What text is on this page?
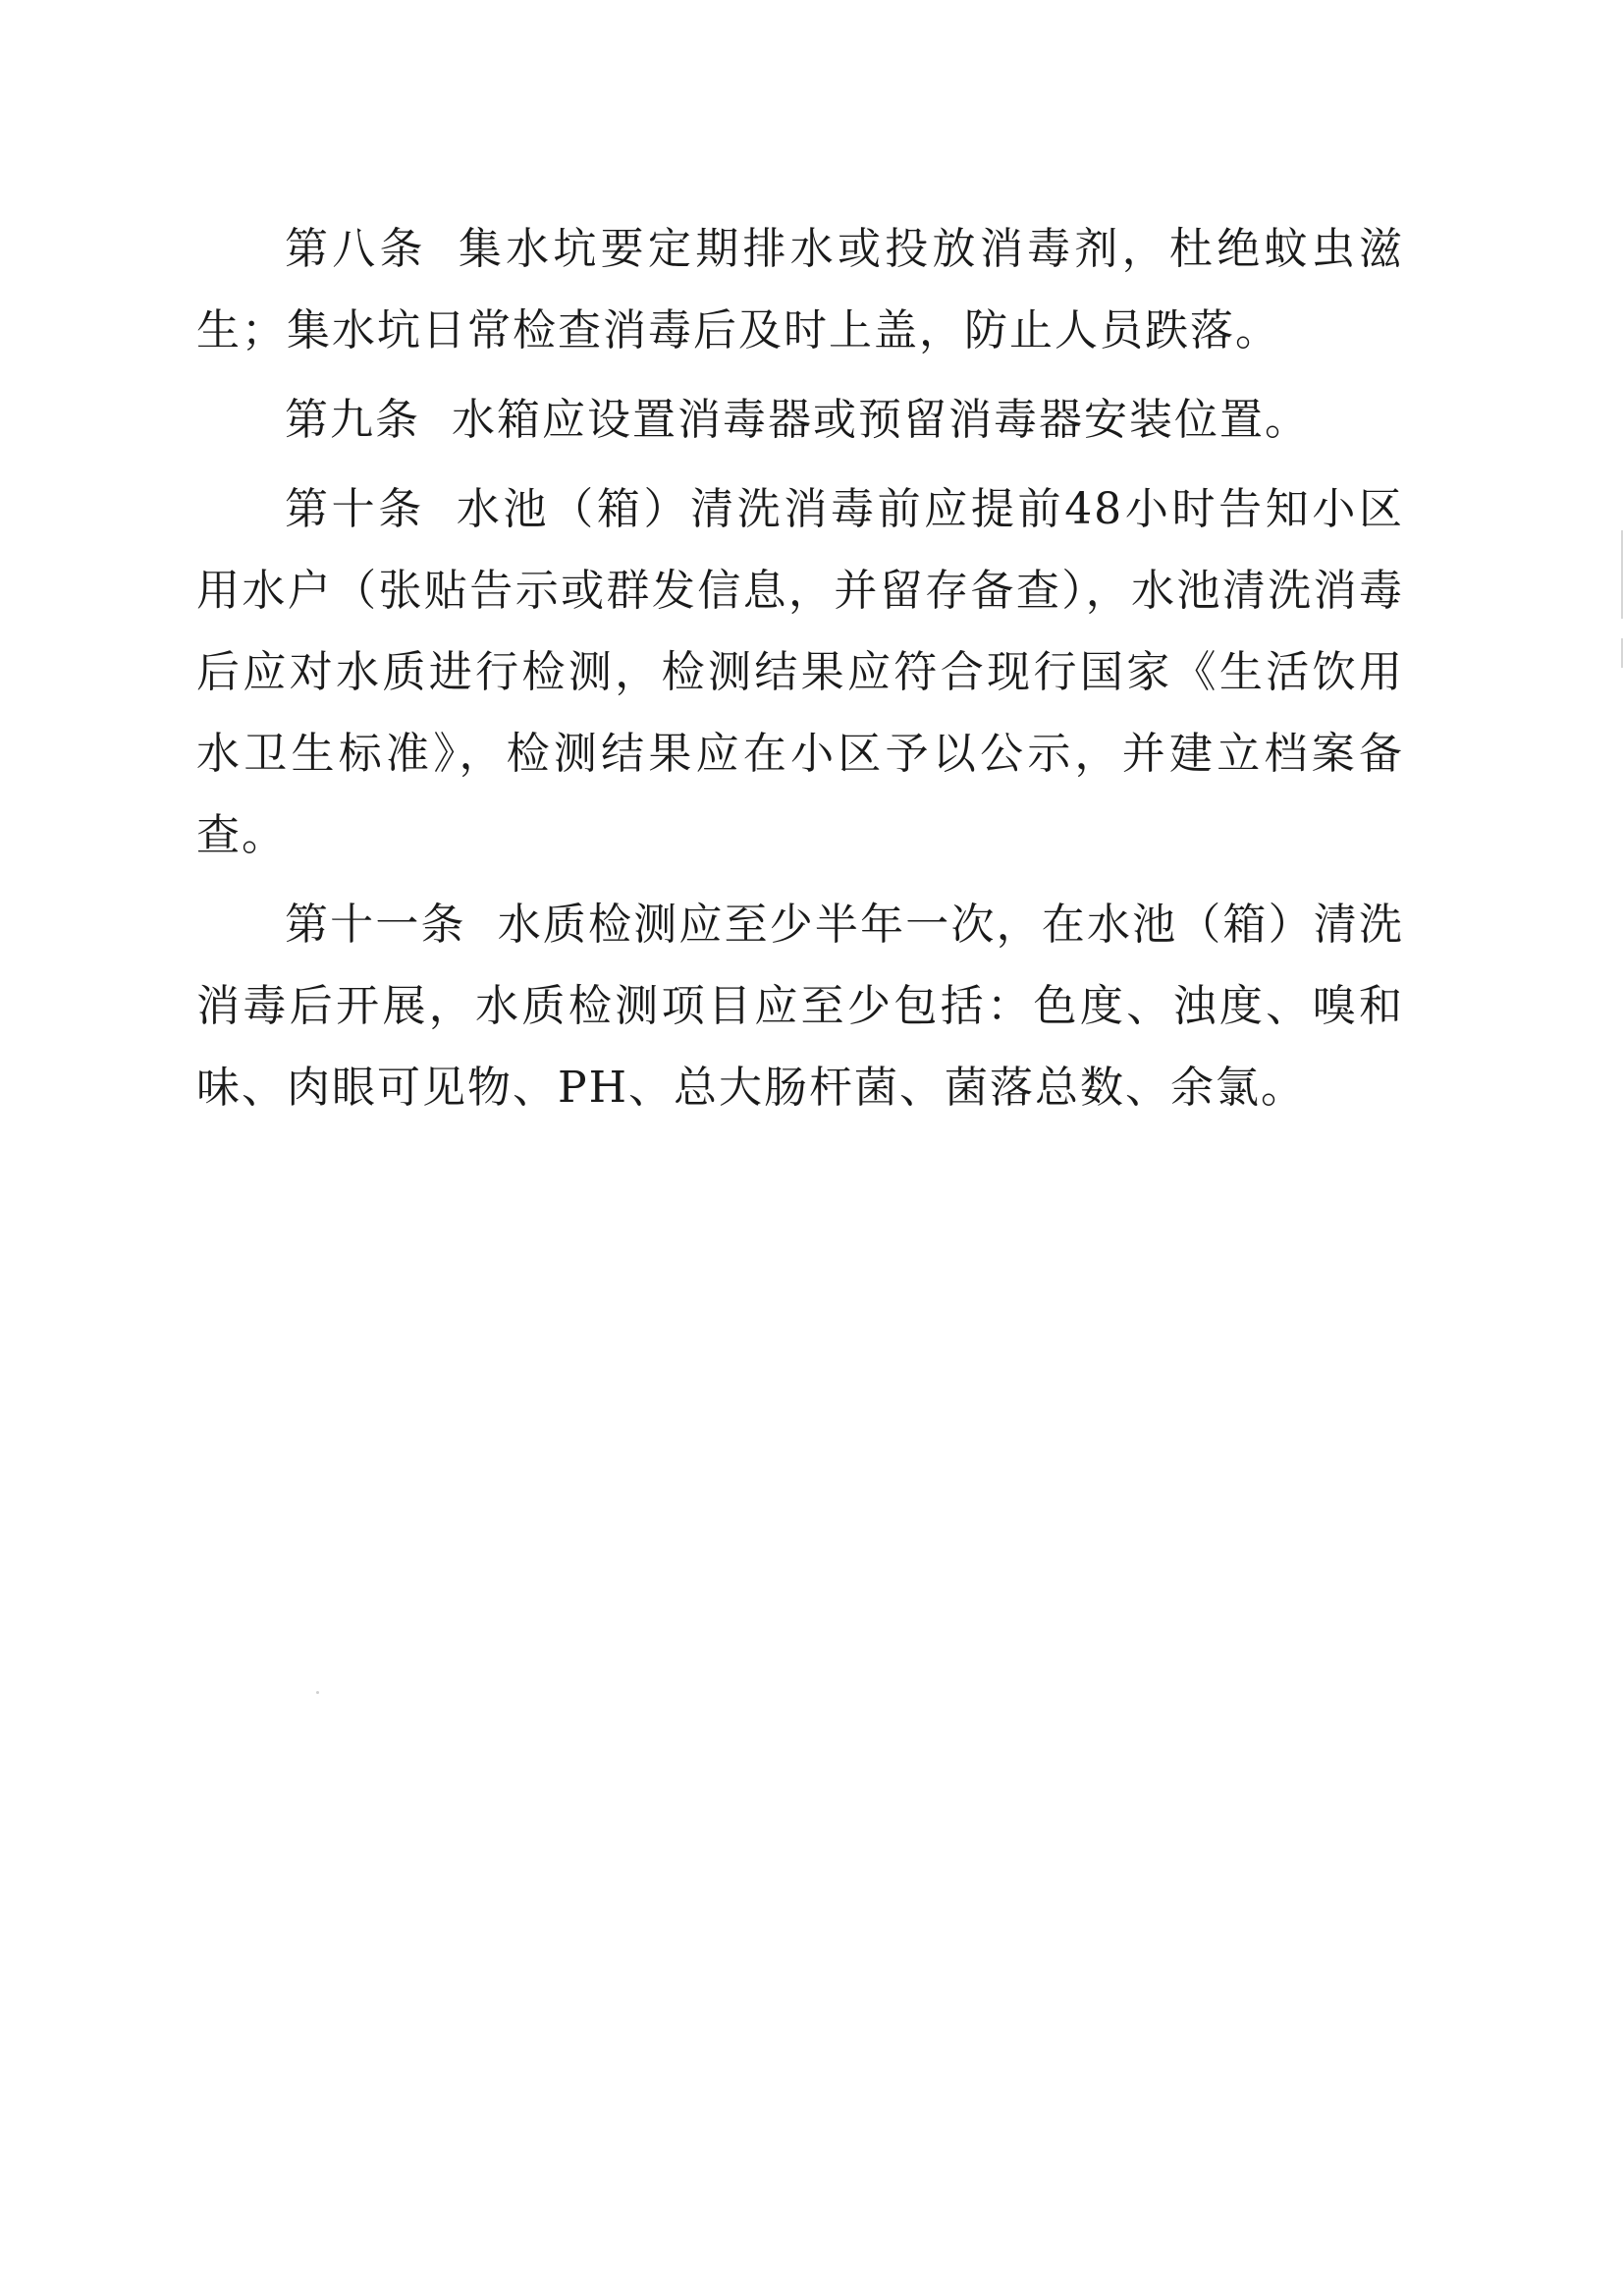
第八条 集水坑要定期排水或投放消毒剂，杜绝蚊虫滋生；集水坑日常检查消毒后及时上盖，防止人员跌落。

第九条 水箱应设置消毒器或预留消毒器安装位置。

第十条 水池（箱）清洗消毒前应提前48小时告知小区用水户（张贴告示或群发信息，并留存备查），水池清洗消毒后应对水质进行检测，检测结果应符合现行国家《生活饮用水卫生标准》，检测结果应在小区予以公示，并建立档案备查。

第十一条 水质检测应至少半年一次，在水池（箱）清洗消毒后开展，水质检测项目应至少包括：色度、浊度、嗅和味、肉眼可见物、PH、总大肠杆菌、菌落总数、余氯。
